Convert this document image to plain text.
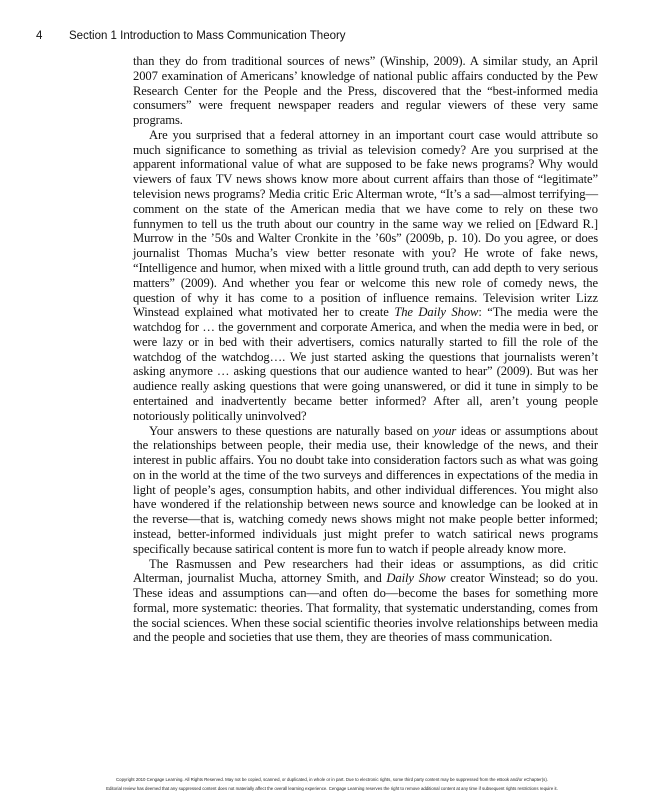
4	Section 1 Introduction to Mass Communication Theory

than they do from traditional sources of news” (Winship, 2009). A similar study, an April 2007 examination of Americans’ knowledge of national public affairs conducted by the Pew Research Center for the People and the Press, discovered that the “best-informed media consumers” were frequent newspaper readers and regular viewers of these very same programs.

Are you surprised that a federal attorney in an important court case would attribute so much significance to something as trivial as television comedy? Are you surprised at the apparent informational value of what are supposed to be fake news programs? Why would viewers of faux TV news shows know more about current affairs than those of “legitimate” television news programs? Media critic Eric Alterman wrote, “It’s a sad—almost terrifying—comment on the state of the American media that we have come to rely on these two funnymen to tell us the truth about our country in the same way we relied on [Edward R.] Murrow in the ’50s and Walter Cronkite in the ’60s” (2009b, p. 10). Do you agree, or does journalist Thomas Mucha’s view better resonate with you? He wrote of fake news, “Intelligence and humor, when mixed with a little ground truth, can add depth to very serious matters” (2009). And whether you fear or welcome this new role of comedy news, the question of why it has come to a position of influence remains. Television writer Lizz Winstead explained what motivated her to create The Daily Show: “The media were the watchdog for … the government and corporate America, and when the media were in bed, or were lazy or in bed with their advertisers, comics naturally started to fill the role of the watchdog of the watchdog…. We just started asking the questions that journalists weren’t asking anymore … asking questions that our audience wanted to hear” (2009). But was her audience really asking questions that were going unanswered, or did it tune in simply to be entertained and inadvertently became better informed? After all, aren’t young people notoriously politically uninvolved?

Your answers to these questions are naturally based on your ideas or assumptions about the relationships between people, their media use, their knowledge of the news, and their interest in public affairs. You no doubt take into consideration factors such as what was going on in the world at the time of the two surveys and differences in expectations of the media in light of people’s ages, consumption habits, and other individual differences. You might also have wondered if the relationship between news source and knowledge can be looked at in the reverse—that is, watching comedy news shows might not make people better informed; instead, better-informed individuals just might prefer to watch satirical news programs specifically because satirical content is more fun to watch if people already know more.

The Rasmussen and Pew researchers had their ideas or assumptions, as did critic Alterman, journalist Mucha, attorney Smith, and Daily Show creator Winstead; so do you. These ideas and assumptions can—and often do—become the bases for something more formal, more systematic: theories. That formality, that systematic understanding, comes from the social sciences. When these social scientific theories involve relationships between media and the people and societies that use them, they are theories of mass communication.

Copyright 2010 Cengage Learning. All Rights Reserved. May not be copied, scanned, or duplicated, in whole or in part. Due to electronic rights, some third party content may be suppressed from the eBook and/or eChapter(s).
Editorial review has deemed that any suppressed content does not materially affect the overall learning experience. Cengage Learning reserves the right to remove additional content at any time if subsequent rights restrictions require it.
